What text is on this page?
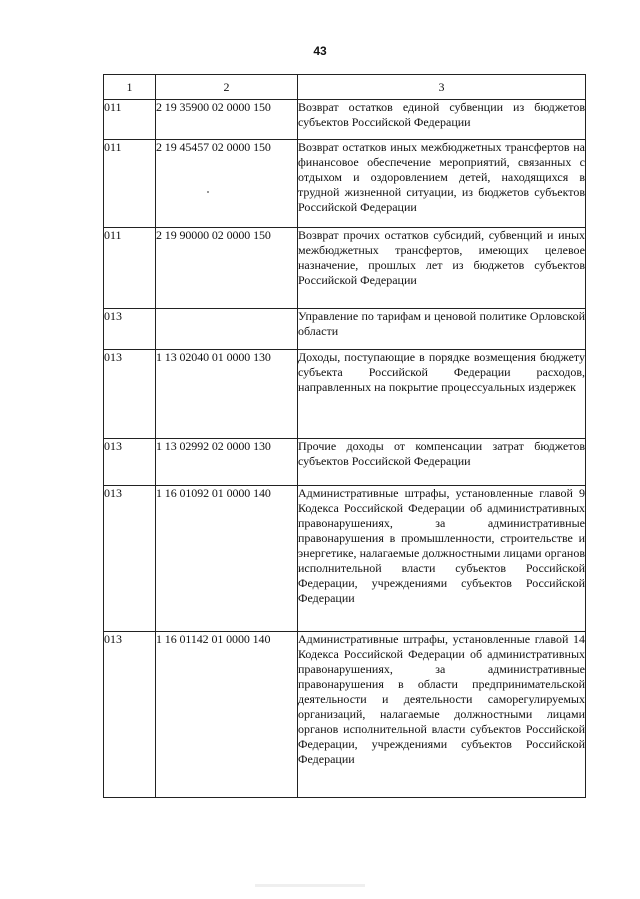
43
1	2	3
011	2 19 35900 02 0000 150	Возврат остатков единой субвенции из бюджетов субъектов Российской Федерации
011	2 19 45457 02 0000 150	Возврат остатков иных межбюджетных трансфертов на финансовое обеспечение мероприятий, связанных с отдыхом и оздоровлением детей, находящихся в трудной жизненной ситуации, из бюджетов субъектов Российской Федерации
011	2 19 90000 02 0000 150	Возврат прочих остатков субсидий, субвенций и иных межбюджетных трансфертов, имеющих целевое назначение, прошлых лет из бюджетов субъектов Российской Федерации
013		Управление по тарифам и ценовой политике Орловской области
013	1 13 02040 01 0000 130	Доходы, поступающие в порядке возмещения бюджету субъекта Российской Федерации расходов, направленных на покрытие процессуальных издержек
013	1 13 02992 02 0000 130	Прочие доходы от компенсации затрат бюджетов субъектов Российской Федерации
013	1 16 01092 01 0000 140	Административные штрафы, установленные главой 9 Кодекса Российской Федерации об административных правонарушениях, за административные правонарушения в промышленности, строительстве и энергетике, налагаемые должностными лицами органов исполнительной власти субъектов Российской Федерации, учреждениями субъектов Российской Федерации
013	1 16 01142 01 0000 140	Административные штрафы, установленные главой 14 Кодекса Российской Федерации об административных правонарушениях, за административные правонарушения в области предпринимательской деятельности и деятельности саморегулируемых организаций, налагаемые должностными лицами органов исполнительной власти субъектов Российской Федерации, учреждениями субъектов Российской Федерации
